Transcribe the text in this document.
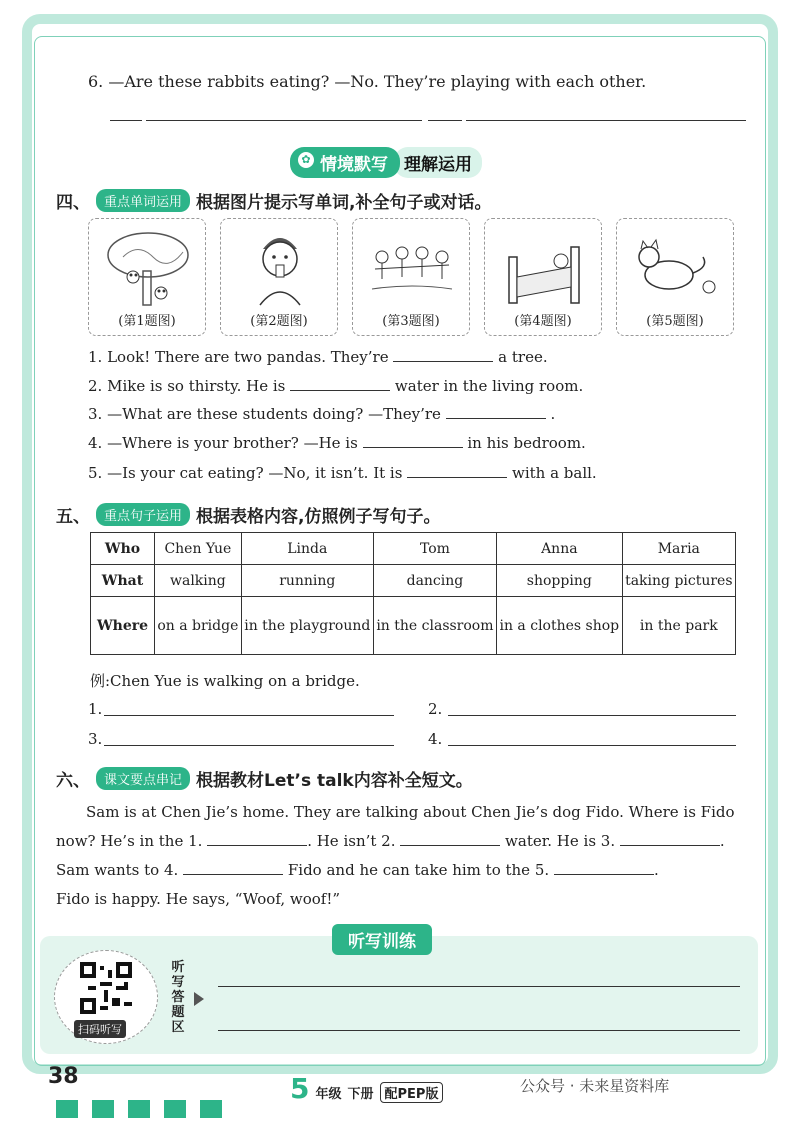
6. —Are these rabbits eating? —No. They’re playing with each other.
✿ 情境默写 理解运用
四、	重点单词运用 根据图片提示写单词,补全句子或对话。
(第1题图)	(第2题图)	(第3题图)	(第4题图)	(第5题图)
1. Look! There are two pandas. They’re	a tree.
2. Mike is so thirsty. He is	water in the living room.
3. —What are these students doing? —They’re	.
4. —Where is your brother? —He is	in his bedroom.
5. —Is your cat eating? —No, it isn’t. It is	with a ball.
五、	重点句子运用 根据表格内容,仿照例子写句子。
Who	Chen Yue	Linda	Tom	Anna	Maria
What	walking	running	dancing	shopping	taking pictures
Where	on a bridge	in the playground	in the classroom	in a clothes shop	in the park
例:Chen Yue is walking on a bridge.
1.	2.
3.	4.
六、	课文要点串记 根据教材Let’s talk内容补全短文。
Sam is at Chen Jie’s home. They are talking about Chen Jie’s dog Fido. Where is Fido
now? He’s in the 1.	. He isn’t 2.	water. He is 3.	.
Sam wants to 4.	Fido and he can take him to the 5.	.
Fido is happy. He says, “Woof, woof!”
听写训练
扫码听写
听
写
答
题
区
38	5 年级 下册 配PEP版	公众号 · 未来星资料库
